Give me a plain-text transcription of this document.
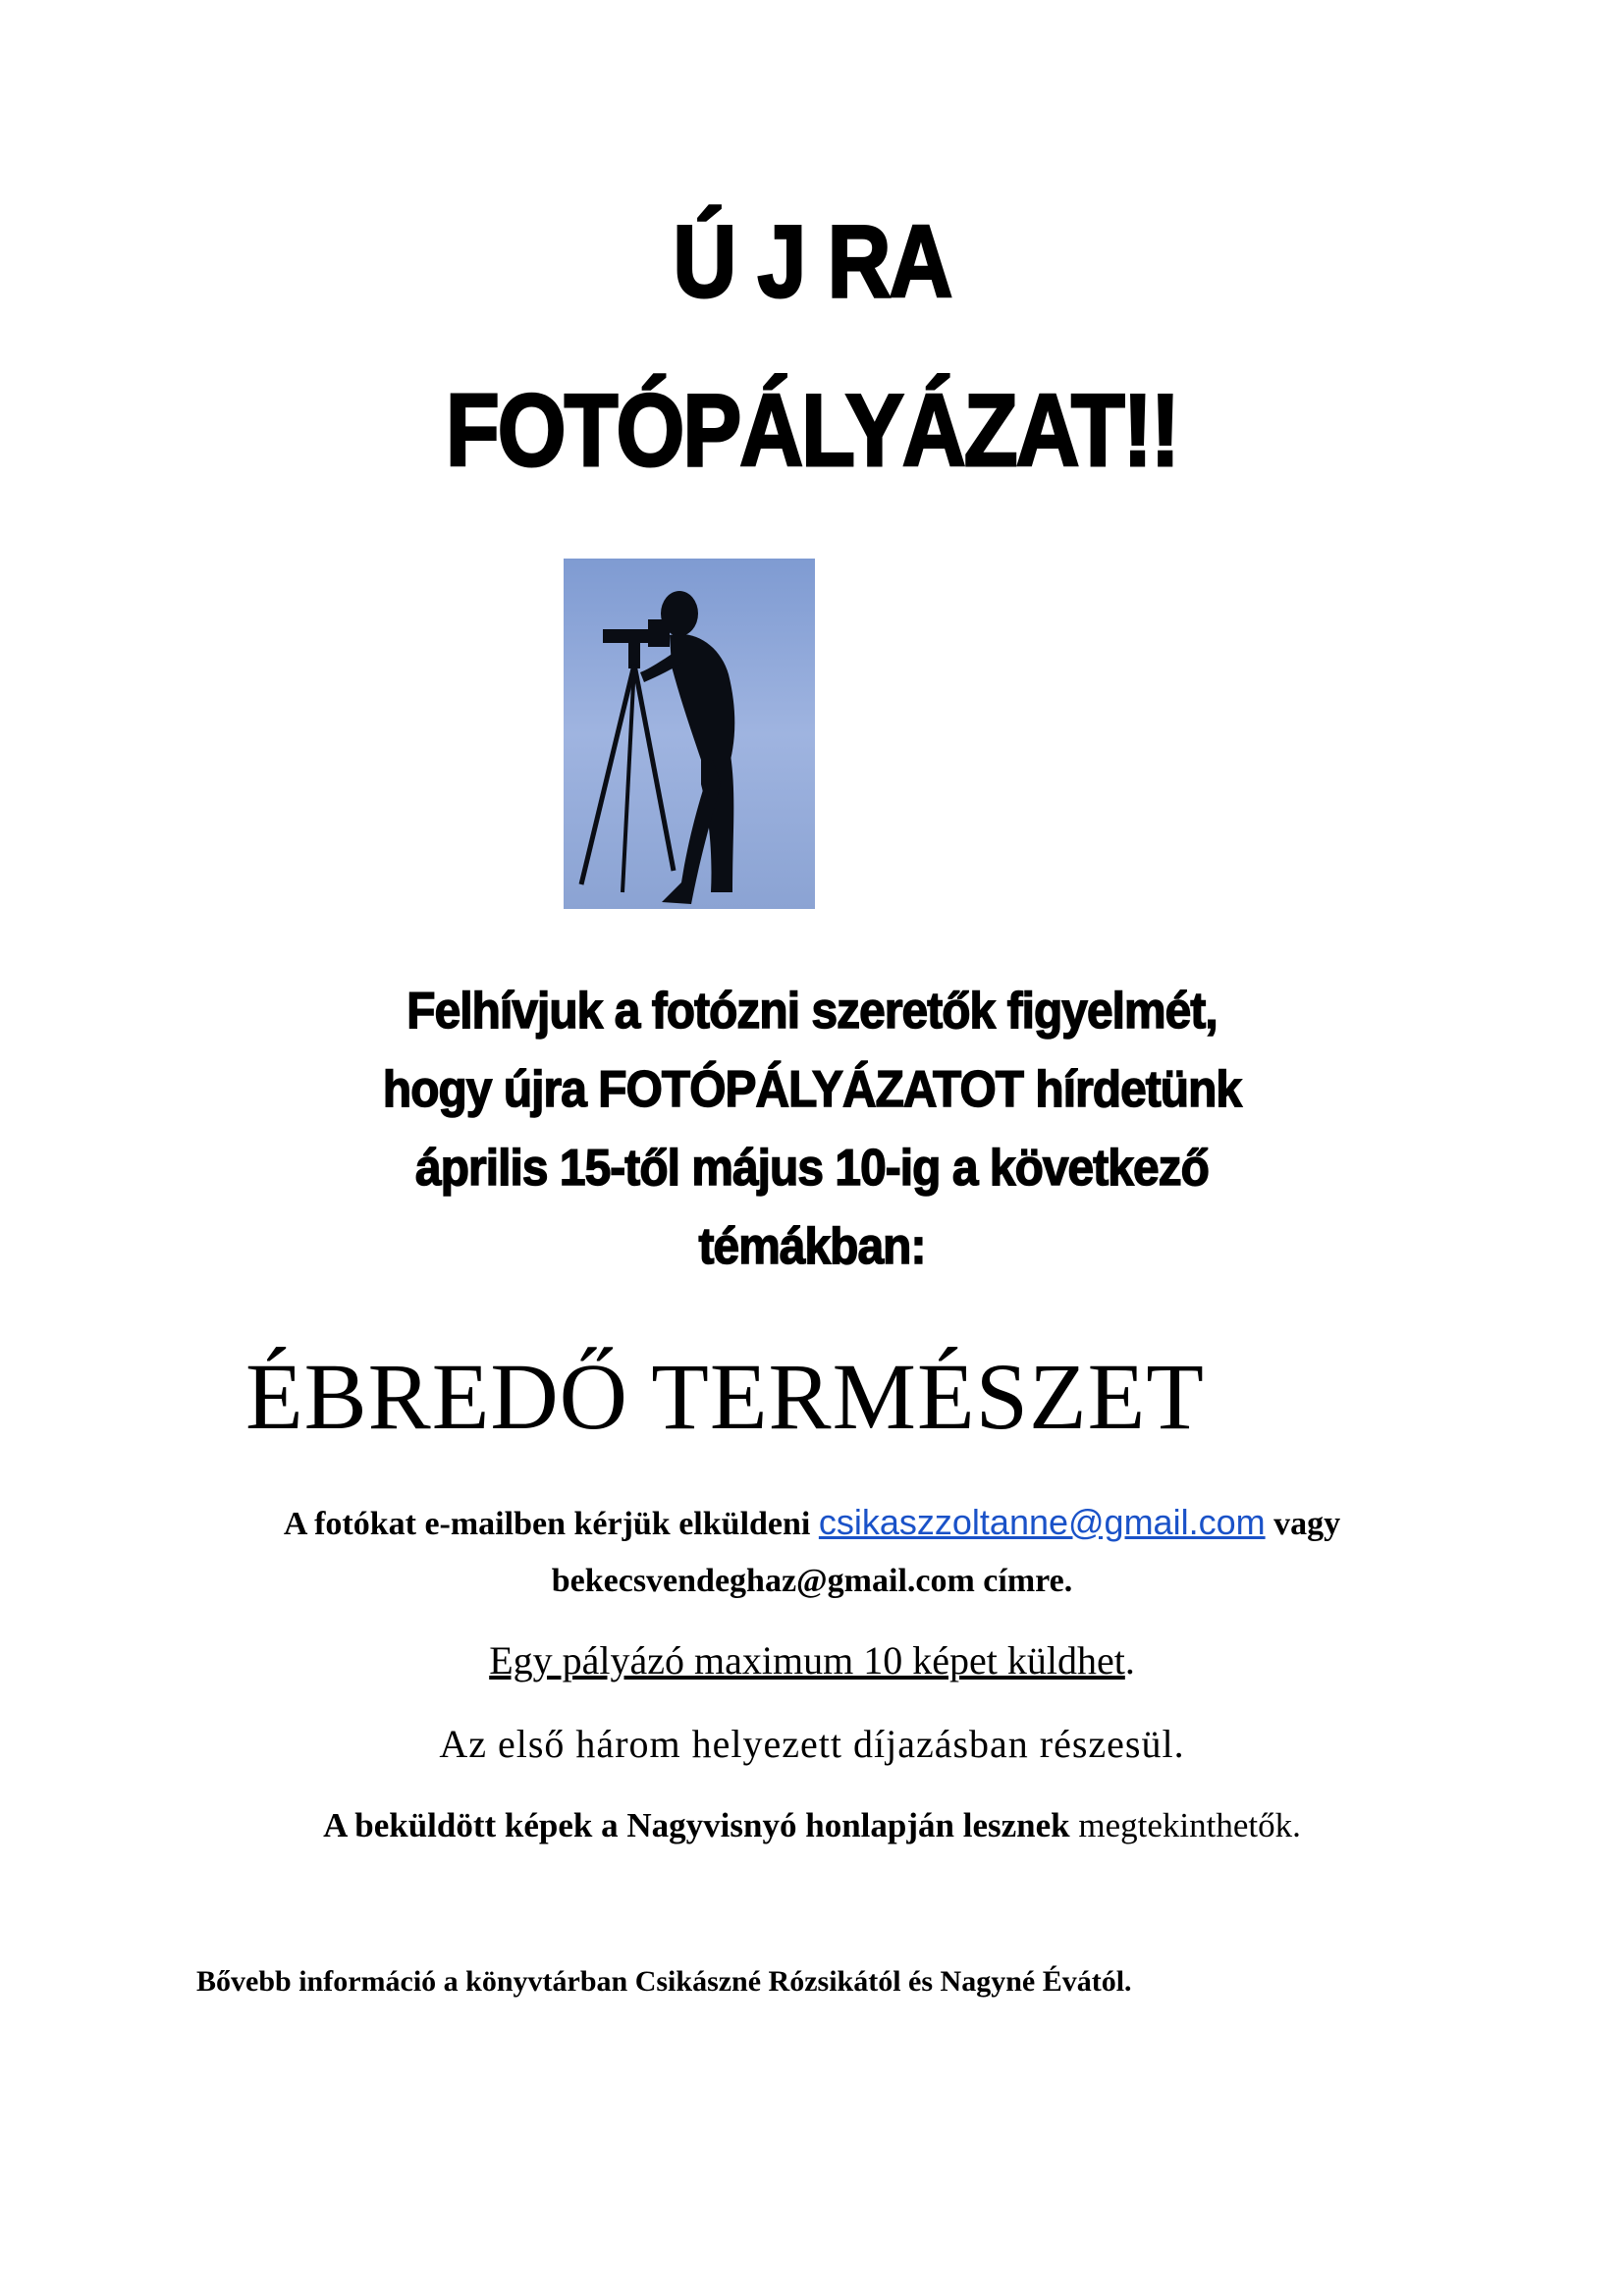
Ú J RA
FOTÓPÁLYÁZAT!!
Felhívjuk a fotózni szeretők figyelmét,
hogy újra FOTÓPÁLYÁZATOT hírdetünk
április 15-től május 10-ig a következő
témákban:
ÉBREDŐ TERMÉSZET
A fotókat e-mailben kérjük elküldeni csikaszzoltanne@gmail.com vagy
bekecsvendeghaz@gmail.com címre.
Egy pályázó maximum 10 képet küldhet.
Az első három helyezett díjazásban részesül.
A beküldött képek a Nagyvisnyó honlapján lesznek megtekinthetők.
Bővebb információ a könyvtárban Csikászné Rózsikától és Nagyné Évától.
